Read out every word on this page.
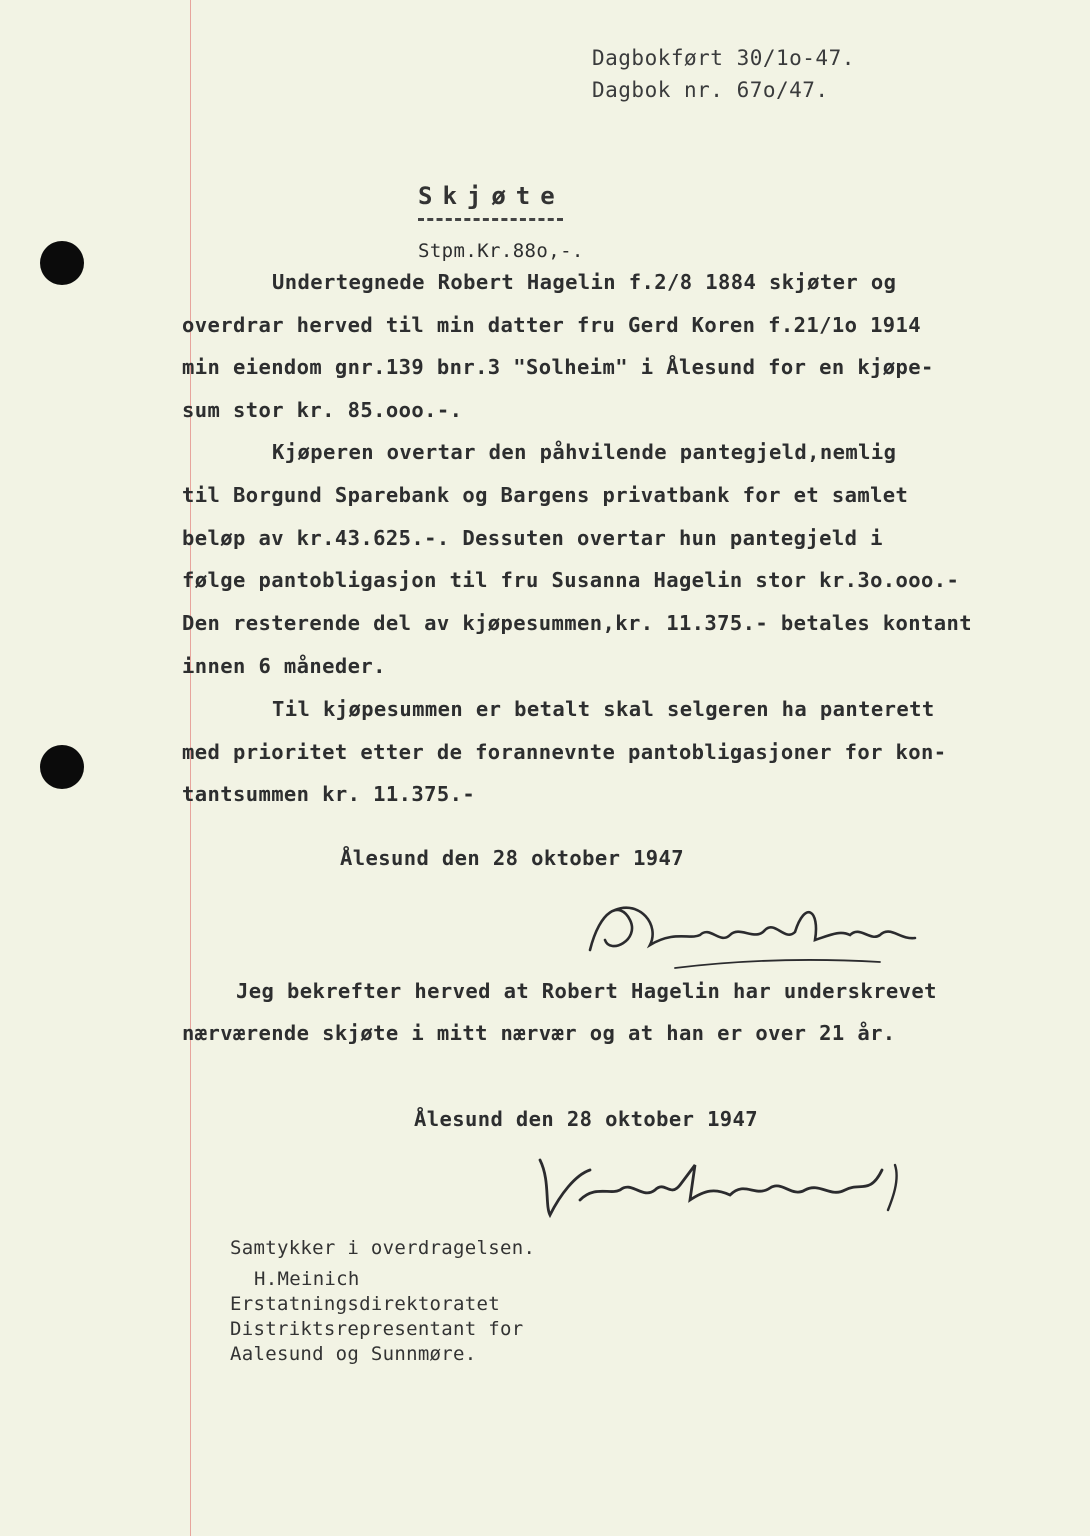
Dagbokført 30/1o-47.
Dagbok nr. 67o/47.
Skjøte
Stpm.Kr.88o,-.
Undertegnede Robert Hagelin f.2/8 1884 skjøter og
overdrar herved til min datter fru Gerd Koren f.21/1o 1914
min eiendom gnr.139 bnr.3 "Solheim" i Ålesund for en kjøpe-
sum stor kr. 85.ooo.-.
Kjøperen overtar den påhvilende pantegjeld,nemlig
til Borgund Sparebank og Bargens privatbank for et samlet
beløp av kr.43.625.-. Dessuten overtar hun pantegjeld i
følge pantobligasjon til fru Susanna Hagelin stor kr.3o.ooo.-
Den resterende del av kjøpesummen,kr. 11.375.- betales kontant
innen 6 måneder.
Til kjøpesummen er betalt skal selgeren ha panterett
med prioritet etter de forannevnte pantobligasjoner for kon-
tantsummen kr. 11.375.-
Ålesund den 28 oktober 1947
Jeg bekrefter herved at Robert Hagelin har underskrevet
nærværende skjøte i mitt nærvær og at han er over 21 år.
Ålesund den 28 oktober 1947
Samtykker i overdragelsen.
H.Meinich
Erstatningsdirektoratet
Distriktsrepresentant for
Aalesund og Sunnmøre.
